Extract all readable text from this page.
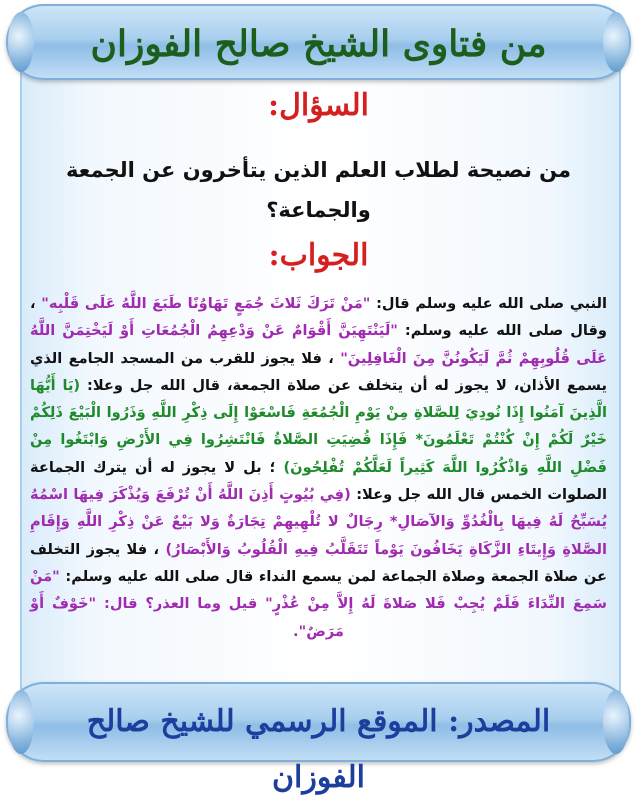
من فتاوى الشيخ صالح الفوزان
السؤال:
من نصيحة لطلاب العلم الذين يتأخرون عن الجمعة والجماعة؟
الجواب:
النبي صلى الله عليه وسلم قال: "مَنْ تَرَكَ ثَلاثَ جُمَعٍ تَهَاوُنًا طَبَعَ اللَّهُ عَلَى قَلْبِه" ، وقال صلى الله عليه وسلم: "لَيَنْتَهِيَنَّ أَقْوَامٌ عَنْ وَدْعِهِمُ الْجُمُعَاتِ أَوْ لَيَخْتِمَنَّ اللَّهُ عَلَى قُلُوبِهِمْ ثُمَّ لَيَكُونُنَّ مِنَ الْغَافِلِينَ" ، فلا يجوز للقرب من المسجد الجامع الذي يسمع الأذان، لا يجوز له أن يتخلف عن صلاة الجمعة، قال الله جل وعلا: (يَا أَيُّهَا الَّذِينَ آمَنُوا إِذَا نُودِيَ لِلصَّلاةِ مِنْ يَوْمِ الْجُمُعَةِ فَاسْعَوْا إِلَى ذِكْرِ اللَّهِ وَذَرُوا الْبَيْعَ ذَلِكُمْ خَيْرٌ لَكُمْ إِنْ كُنْتُمْ تَعْلَمُونَ* فَإِذَا قُضِيَتِ الصَّلاةُ فَانْتَشِرُوا فِي الأَرْضِ وَابْتَغُوا مِنْ فَضْلِ اللَّهِ وَاذْكُرُوا اللَّهَ كَثِيراً لَعَلَّكُمْ تُفْلِحُونَ) ؛ بل لا يجوز له أن يترك الجماعة الصلوات الخمس قال الله جل وعلا: (فِي بُيُوتٍ أَذِنَ اللَّهُ أَنْ تُرْفَعَ وَيُذْكَرَ فِيهَا اسْمُهُ يُسَبِّحُ لَهُ فِيهَا بِالْغُدُوِّ وَالآصَالِ* رِجَالٌ لا تُلْهِيهِمْ تِجَارَةٌ وَلا بَيْعٌ عَنْ ذِكْرِ اللَّهِ وَإِقَامِ الصَّلاةِ وَإِيتَاءِ الزَّكَاةِ يَخَافُونَ يَوْماً تَتَقَلَّبُ فِيهِ الْقُلُوبُ وَالأَبْصَارُ) ، فلا يجوز التخلف عن صلاة الجمعة وصلاة الجماعة لمن يسمع النداء قال صلى الله عليه وسلم: "مَنْ سَمِعَ النِّدَاءَ فَلَمْ يُجِبْ فَلا صَلاةَ لَهُ إِلاَّ مِنْ عُذْرٍ" قيل وما العذر؟ قال: "خَوْفٌ أَوْ مَرَضٌ".
المصدر: الموقع الرسمي للشيخ صالح الفوزان
